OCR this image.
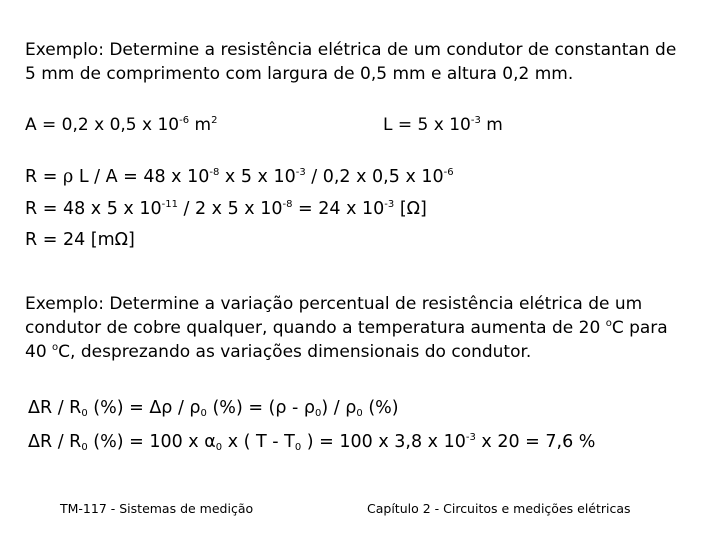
Exemplo: Determine a resistência elétrica de um condutor de constantan de
5 mm de comprimento com largura de 0,5 mm e altura 0,2 mm.
A = 0,2 x 0,5 x $10^{-6}$ $m^2$	L = 5 x $10^{-3}$ m
R = ρ L / A = 48 x $10^{-8}$ x 5 x $10^{-3} / 0,2$ x 0,5 x $10^{-6}$
R = 48 x 5 x $10^{-11} / 2$ x 5 x $10^{-8} = 24$ x $10^{-3}$ [Ω]
R = 24 [mΩ]
Exemplo: Determine a variação percentual de resistência elétrica de um
condutor de cobre qualquer, quando a temperatura aumenta de 20 $^o$C para
40 $^o$C, desprezando as variações dimensionais do condutor.
ΔR / $R_0$ (%) = Δρ / $\rho_0$ (%) = $(\rho - \rho_0) / \rho_0$ (%)
ΔR / $R_0$ (%) = 100 x $\alpha_0$ x ( T - $T_0$ ) = 100 x 3,8 x $10^{-3}$ x 20 = 7,6 %
TM-117 - Sistemas de medição	Capítulo 2 - Circuitos e medições elétricas
